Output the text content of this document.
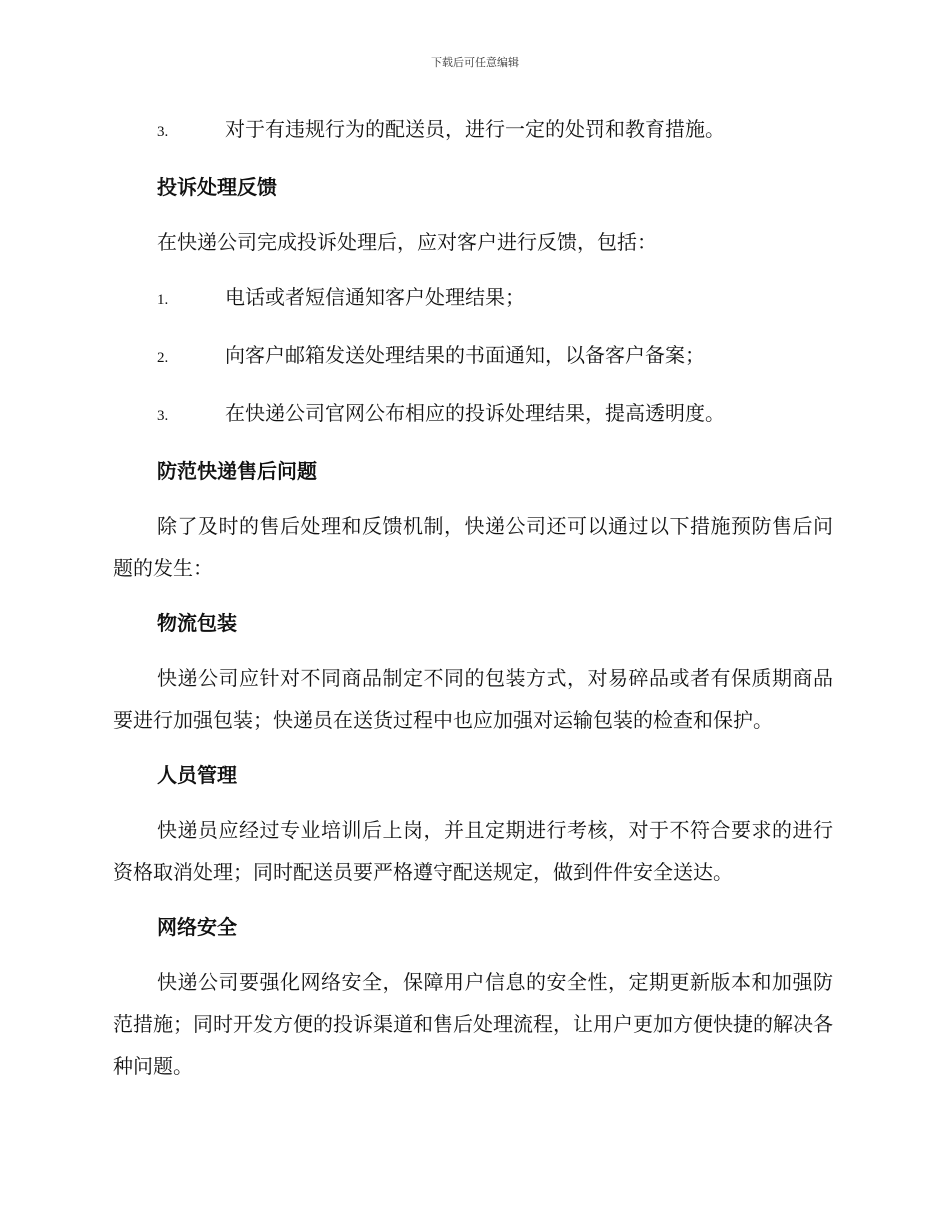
下载后可任意编辑
3.	对于有违规行为的配送员，进行一定的处罚和教育措施。
投诉处理反馈

在快递公司完成投诉处理后，应对客户进行反馈，包括：

1.	电话或者短信通知客户处理结果；
2.	向客户邮箱发送处理结果的书面通知，以备客户备案；
3.	在快递公司官网公布相应的投诉处理结果，提高透明度。
防范快递售后问题

除了及时的售后处理和反馈机制，快递公司还可以通过以下措施预防售后问题的发生：

物流包装

快递公司应针对不同商品制定不同的包装方式，对易碎品或者有保质期商品要进行加强包装；快递员在送货过程中也应加强对运输包装的检查和保护。

人员管理

快递员应经过专业培训后上岗，并且定期进行考核，对于不符合要求的进行资格取消处理；同时配送员要严格遵守配送规定，做到件件安全送达。

网络安全

快递公司要强化网络安全，保障用户信息的安全性，定期更新版本和加强防范措施；同时开发方便的投诉渠道和售后处理流程，让用户更加方便快捷的解决各种问题。
